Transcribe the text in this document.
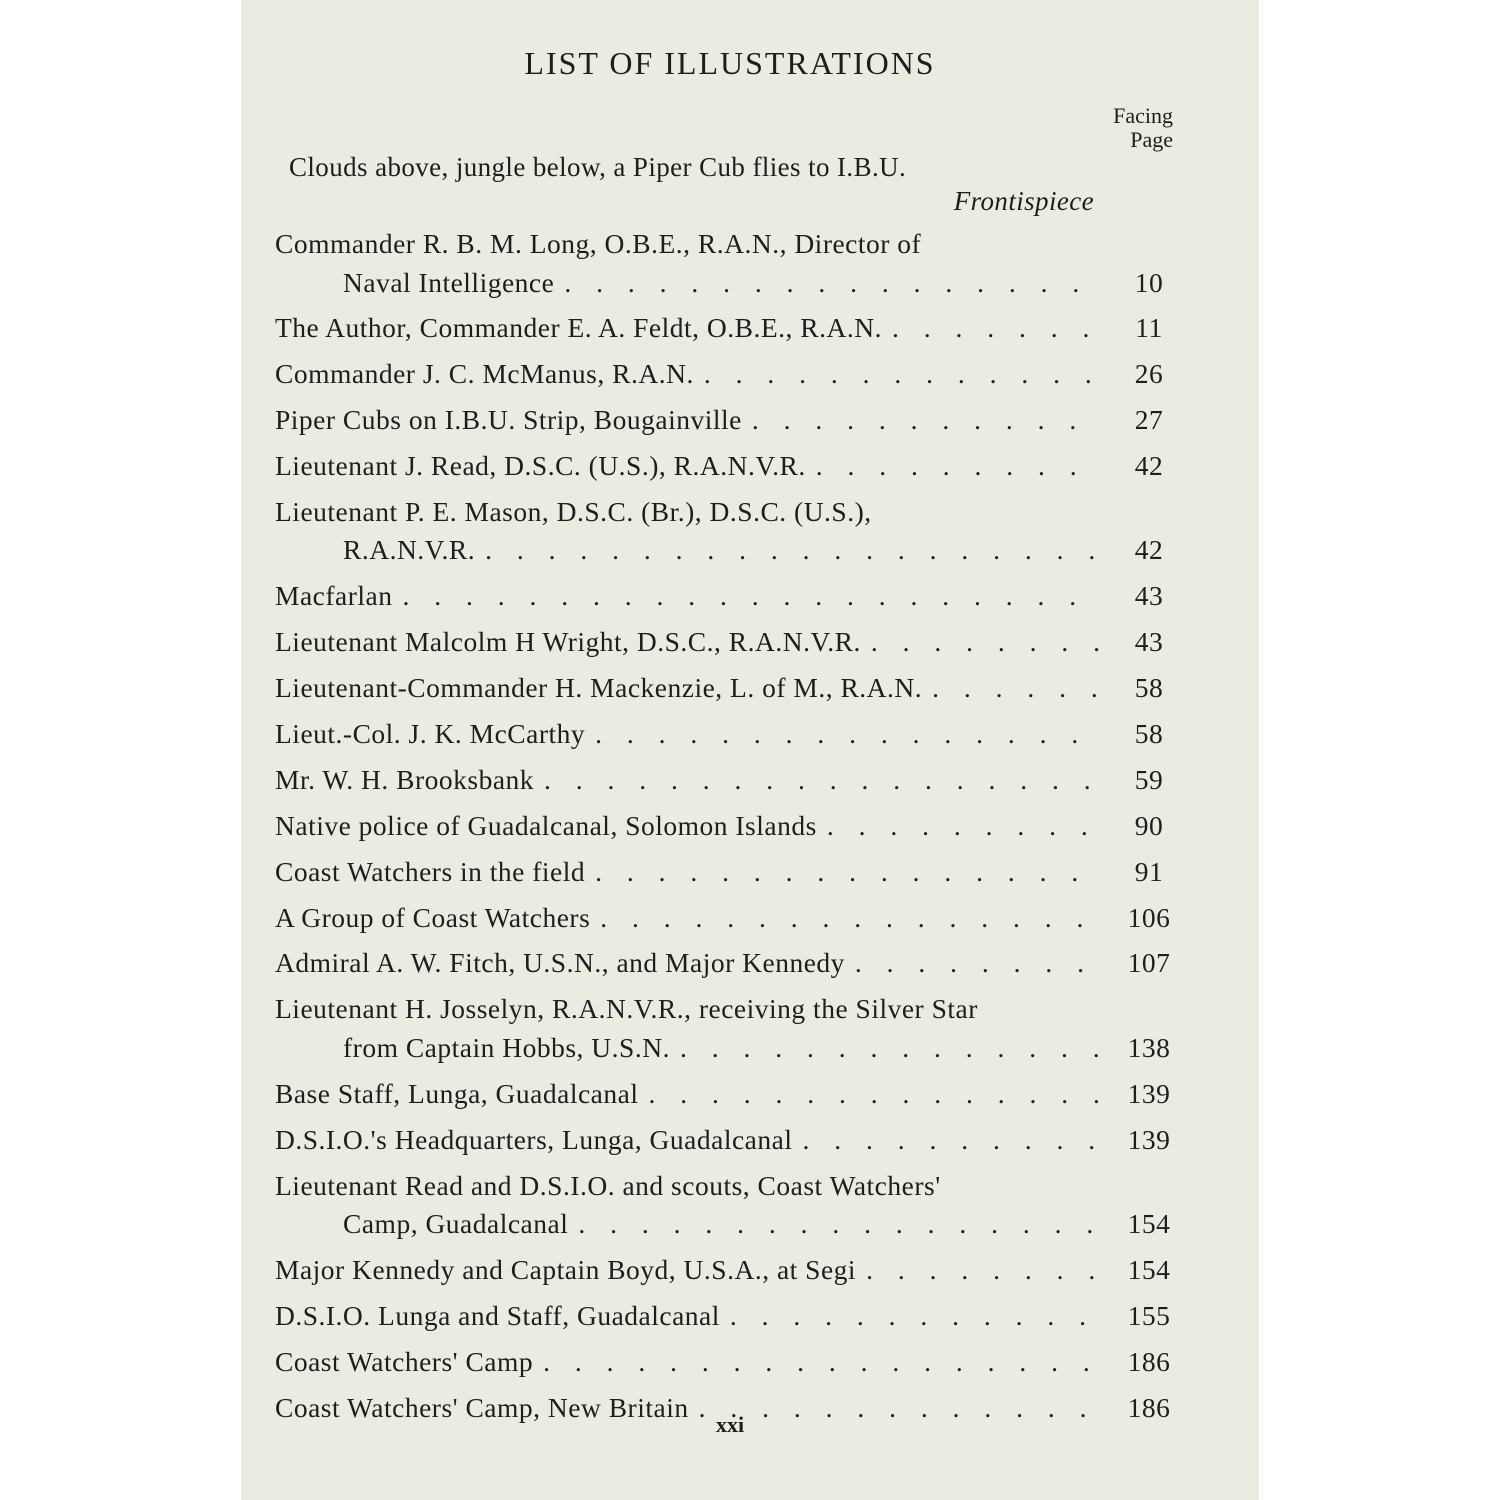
LIST OF ILLUSTRATIONS
Facing
Page
Clouds above, jungle below, a Piper Cub flies to I.B.U.
Frontispiece
Commander R. B. M. Long, O.B.E., R.A.N., Director of
Naval Intelligence . . .	10
The Author, Commander E. A. Feldt, O.B.E., R.A.N. . . .	11
Commander J. C. McManus, R.A.N. . . .	26
Piper Cubs on I.B.U. Strip, Bougainville . . .	27
Lieutenant J. Read, D.S.C. (U.S.), R.A.N.V.R. . . .	42
Lieutenant P. E. Mason, D.S.C. (Br.), D.S.C. (U.S.),
R.A.N.V.R. . . .	42
Macfarlan . . .	43
Lieutenant Malcolm H Wright, D.S.C., R.A.N.V.R. . . .	43
Lieutenant-Commander H. Mackenzie, L. of M., R.A.N. . . .	58
Lieut.-Col. J. K. McCarthy . . .	58
Mr. W. H. Brooksbank . . .	59
Native police of Guadalcanal, Solomon Islands . . .	90
Coast Watchers in the field . . .	91
A Group of Coast Watchers . . .	106
Admiral A. W. Fitch, U.S.N., and Major Kennedy . . .	107
Lieutenant H. Josselyn, R.A.N.V.R., receiving the Silver Star
from Captain Hobbs, U.S.N. . . .	138
Base Staff, Lunga, Guadalcanal . . .	139
D.S.I.O.'s Headquarters, Lunga, Guadalcanal . . .	139
Lieutenant Read and D.S.I.O. and scouts, Coast Watchers'
Camp, Guadalcanal . . .	154
Major Kennedy and Captain Boyd, U.S.A., at Segi . . .	154
D.S.I.O. Lunga and Staff, Guadalcanal . . .	155
Coast Watchers' Camp . . .	186
Coast Watchers' Camp, New Britain . . .	186
xxi
